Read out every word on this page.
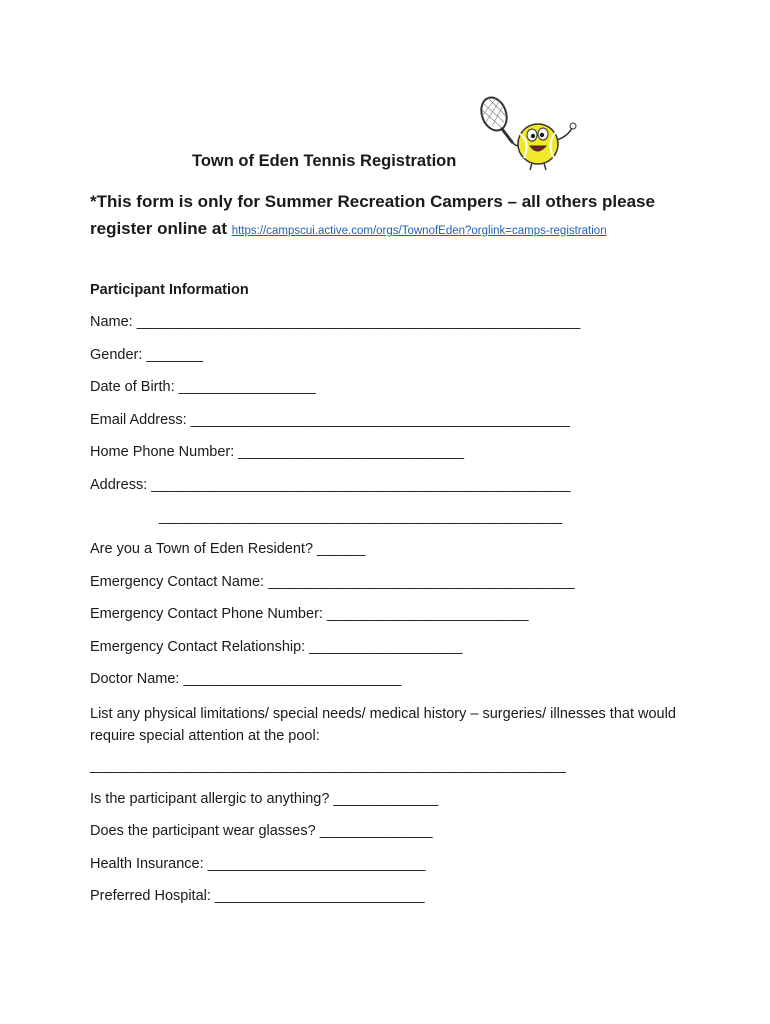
Town of Eden Tennis Registration
*This form is only for Summer Recreation Campers – all others please register online at https://campscui.active.com/orgs/TownofEden?orglink=camps-registration
Participant Information
Name: _______________________________________________________
Gender: _______
Date of Birth: _________________
Email Address: _______________________________________________
Home Phone Number: ____________________________
Address: ____________________________________________________
__________________________________________________
Are you a Town of Eden Resident? ______
Emergency Contact Name: ______________________________________
Emergency Contact Phone Number: _________________________
Emergency Contact Relationship: ___________________
Doctor Name: ___________________________
List any physical limitations/ special needs/ medical history – surgeries/ illnesses that would require special attention at the pool:
___________________________________________________________
Is the participant allergic to anything? _____________
Does the participant wear glasses? ______________
Health Insurance: ___________________________
Preferred Hospital: __________________________
